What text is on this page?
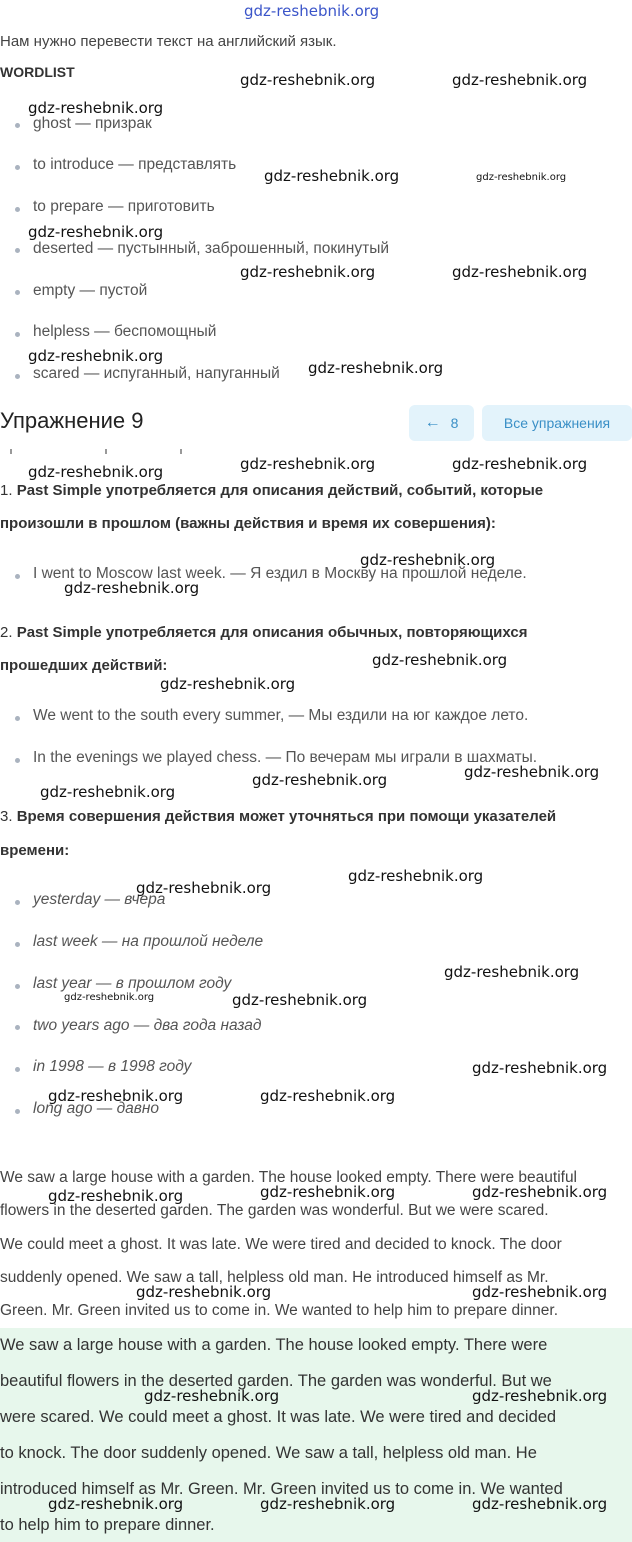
gdz-reshebnik.org
Нам нужно перевести текст на английский язык.
WORDLIST
ghost — призрак
to introduce — представлять
to prepare — приготовить
deserted — пустынный, заброшенный, покинутый
empty — пустой
helpless — беспомощный
scared — испуганный, напуганный
Упражнение 9	← 8	Все упражнения
1. Past Simple употребляется для описания действий, событий, которые
произошли в прошлом (важны действия и время их совершения):
I went to Moscow last week. — Я ездил в Москву на прошлой неделе.
2. Past Simple употребляется для описания обычных, повторяющихся
прошедших действий:
We went to the south every summer, — Мы ездили на юг каждое лето.
In the evenings we played chess. — По вечерам мы играли в шахматы.
3. Время совершения действия может уточняться при помощи указателей
времени:
yesterday — вчера
last week — на прошлой неделе
last year — в прошлом году
two years ago — два года назад
in 1998 — в 1998 году
long ago — давно
We saw a large house with a garden. The house looked empty. There were beautiful
flowers in the deserted garden. The garden was wonderful. But we were scared.
We could meet a ghost. It was late. We were tired and decided to knock. The door
suddenly opened. We saw a tall, helpless old man. He introduced himself as Mr.
Green. Mr. Green invited us to come in. We wanted to help him to prepare dinner.
We saw a large house with a garden. The house looked empty. There were
beautiful flowers in the deserted garden. The garden was wonderful. But we
were scared. We could meet a ghost. It was late. We were tired and decided
to knock. The door suddenly opened. We saw a tall, helpless old man. He
introduced himself as Mr. Green. Mr. Green invited us to come in. We wanted
to help him to prepare dinner.
gdz-reshebnik.org	gdz-reshebnik.org
gdz-reshebnik.org
gdz-reshebnik.org	gdz-reshebnik.org
gdz-reshebnik.org
gdz-reshebnik.org	gdz-reshebnik.org
gdz-reshebnik.org
gdz-reshebnik.org
gdz-reshebnik.org	gdz-reshebnik.org
gdz-reshebnik.org
gdz-reshebnik.org
gdz-reshebnik.org
gdz-reshebnik.org
gdz-reshebnik.org
gdz-reshebnik.org
gdz-reshebnik.org
gdz-reshebnik.org
gdz-reshebnik.org
gdz-reshebnik.org
gdz-reshebnik.org
gdz-reshebnik.org	gdz-reshebnik.org
gdz-reshebnik.org
gdz-reshebnik.org	gdz-reshebnik.org
gdz-reshebnik.org	gdz-reshebnik.org	gdz-reshebnik.org
gdz-reshebnik.org	gdz-reshebnik.org
gdz-reshebnik.org	gdz-reshebnik.org
gdz-reshebnik.org	gdz-reshebnik.org	gdz-reshebnik.org
